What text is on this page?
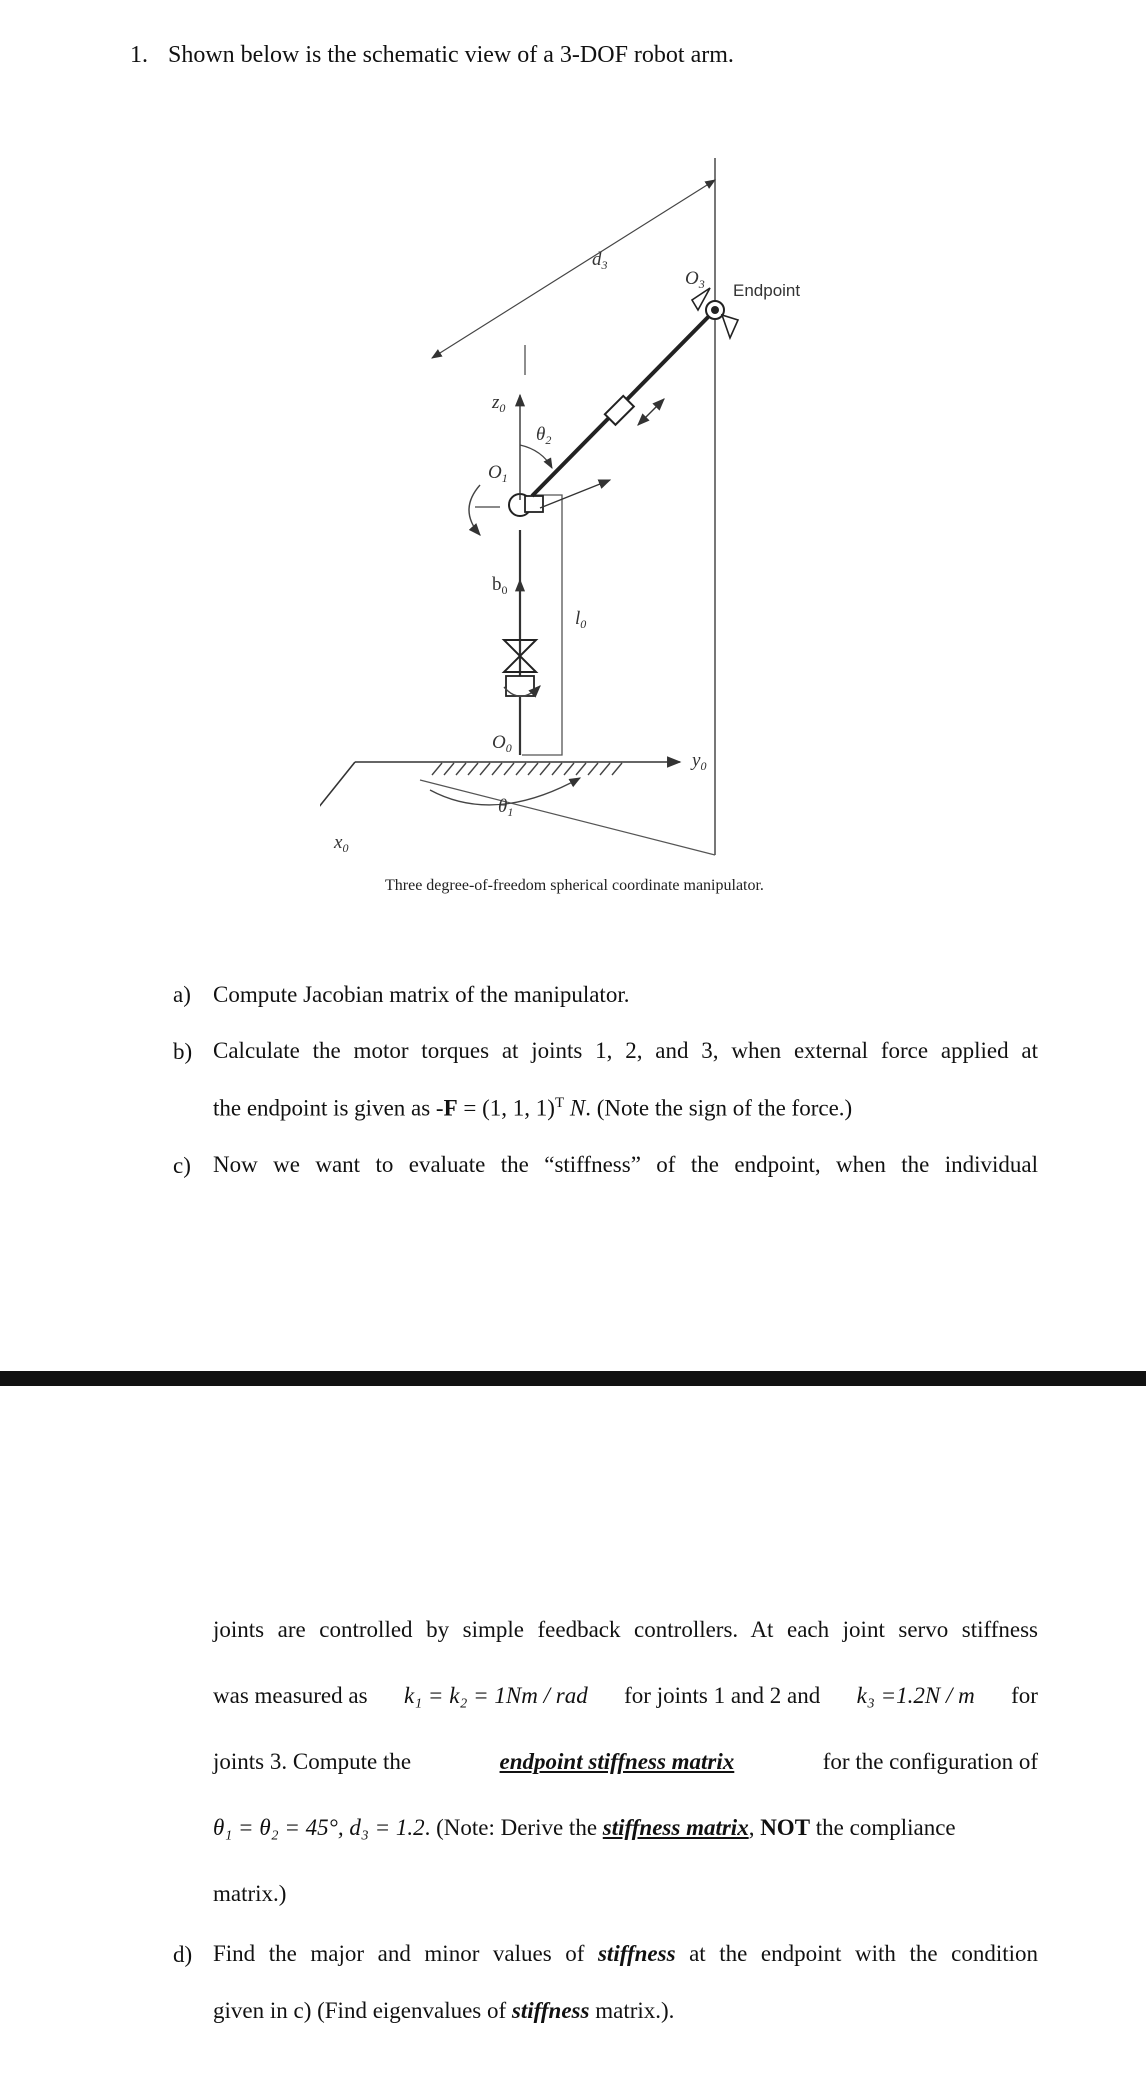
1. Shown below is the schematic view of a 3-DOF robot arm.
$d_3$
$O_3$ Endpoint
$z_0$
$\theta_2$
$O_1$
$b_0$
$l_0$
$O_0$
$y_0$
$\theta_1$
$x_0$
Three degree-of-freedom spherical coordinate manipulator.
a) Compute Jacobian matrix of the manipulator.
b) Calculate the motor torques at joints 1, 2, and 3, when external force applied at
the endpoint is given as -F = (1, 1, 1)$^T$ N. (Note the sign of the force.)
c) Now we want to evaluate the “stiffness” of the endpoint, when the individual
joints are controlled by simple feedback controllers. At each joint servo stiffness
was measured as k₁ = k₂ = 1Nm / rad for joints 1 and 2 and k₃ =1.2N / m for
joints 3. Compute the	endpoint stiffness matrix	for the configuration of
θ₁ = θ₂ = 45°, d₃ = 1.2. (Note: Derive the stiffness matrix, NOT the compliance
matrix.)
d) Find the major and minor values of stiffness at the endpoint with the condition
given in c) (Find eigenvalues of stiffness matrix.).
